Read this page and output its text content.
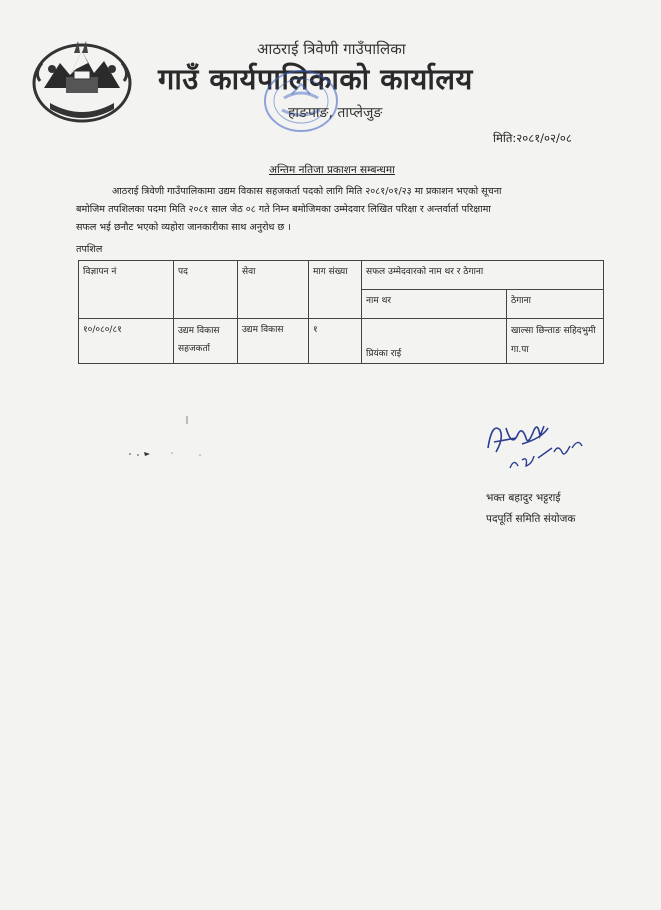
आठराई त्रिवेणी गाउँपालिका
गाउँ कार्यपालिकाको कार्यालय
हाङपाङ, ताप्लेजुङ
मिति:२०८१/०२/०८
अन्तिम नतिजा प्रकाशन सम्बन्धमा
आठराई त्रिवेणी गाउँपालिकामा उद्यम विकास सहजकर्ता पदको लागि मिति २०८१/०१/२३ मा प्रकाशन भएको सूचना
बमोजिम तपशिलका पदमा मिति २०८१ साल जेठ ०८ गते निम्न बमोजिमका उम्मेदवार लिखित परिक्षा र अन्तर्वार्ता परिक्षामा
सफल भई छनौट भएको व्यहोरा जानकारीका साथ अनुरोध छ ।
तपशिल
विज्ञापन नं	पद	सेवा	माग संख्या	सफल उम्मेदवारको नाम थर र ठेगाना	
				नाम थर	ठेगाना
१०/०८०/८१	उद्यम विकास सहजकर्ता	उद्यम विकास	१	प्रियंका राई	खाल्सा छिन्ताङ सहिदभुमी गा.पा
भक्त बहादुर भट्टराई
पदपूर्ति समिति संयोजक
